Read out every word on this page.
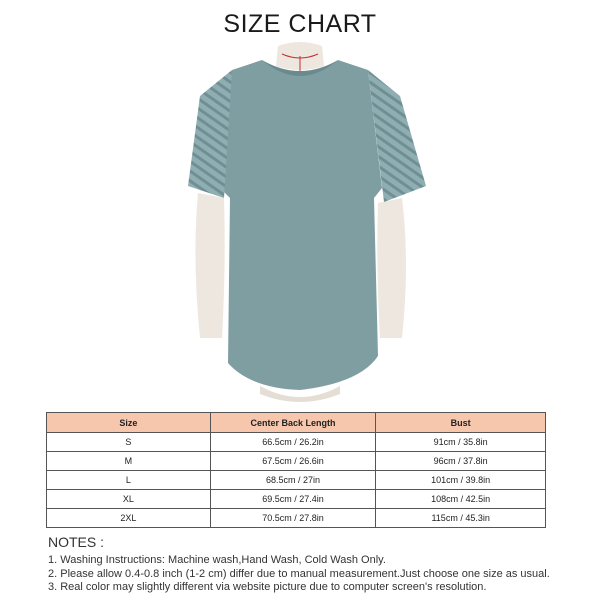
SIZE CHART
Size	Center Back Length	Bust
S	66.5cm / 26.2in	91cm / 35.8in
M	67.5cm / 26.6in	96cm / 37.8in
L	68.5cm / 27in	101cm / 39.8in
XL	69.5cm / 27.4in	108cm / 42.5in
2XL	70.5cm / 27.8in	115cm / 45.3in
NOTES :
1. Washing Instructions: Machine wash,Hand Wash, Cold Wash Only.
2. Please allow 0.4-0.8 inch (1-2 cm) differ due to manual measurement.Just choose one size as usual.
3. Real color may slightly different via website picture due to computer screen's resolution.
